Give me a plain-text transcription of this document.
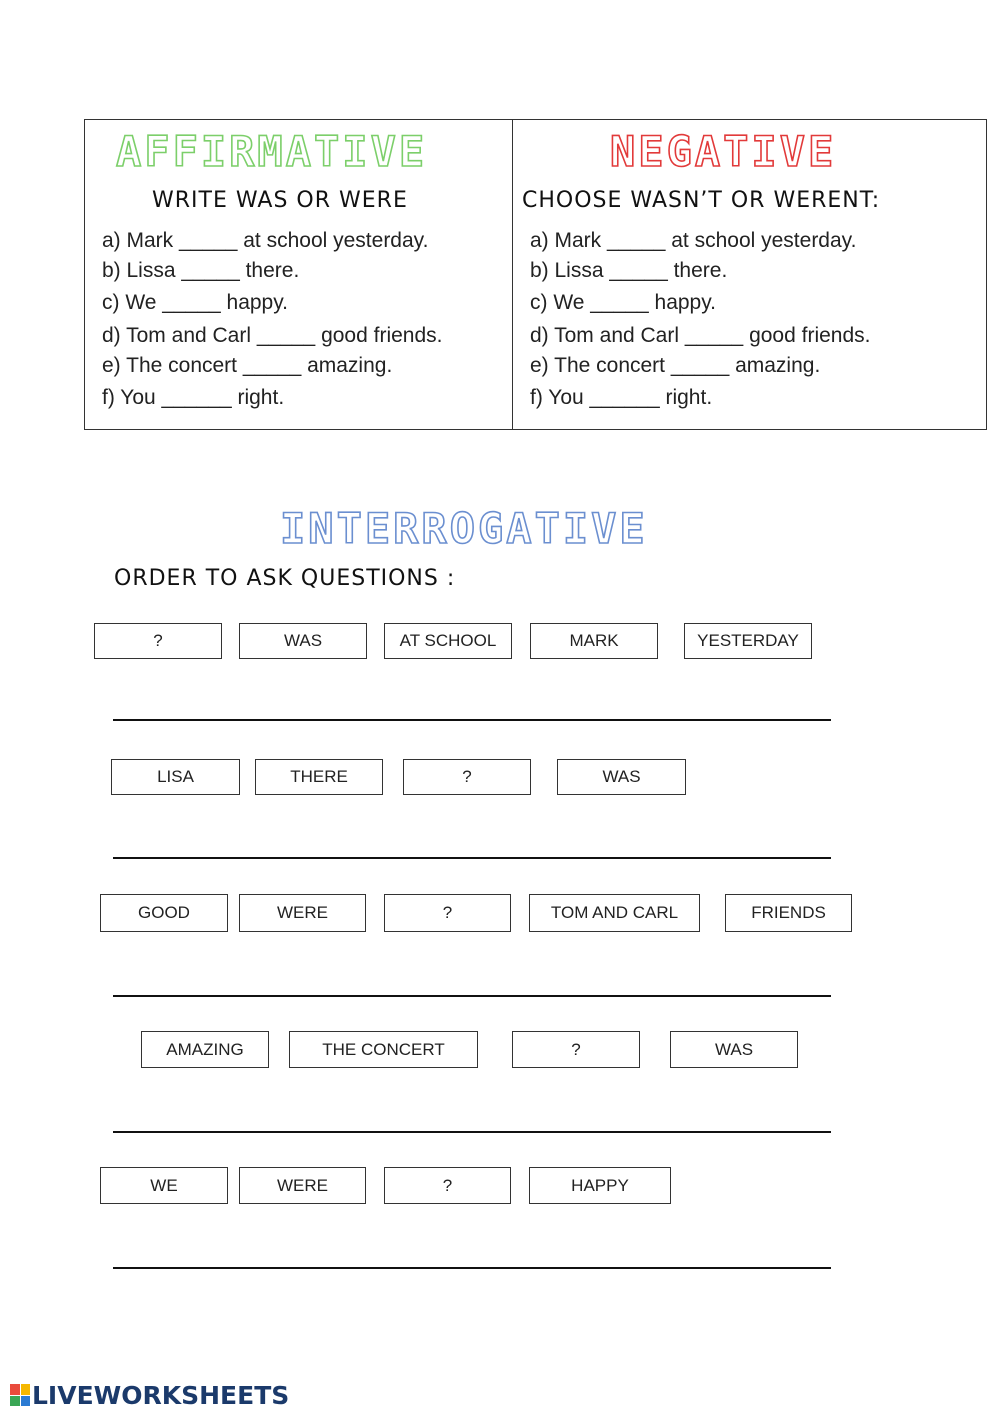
AFFIRMATIVE
WRITE WAS OR WERE
a) Mark _____ at school yesterday.
b) Lissa _____ there.
c) We _____ happy.
d) Tom and Carl _____ good friends.
e) The concert _____ amazing.
f) You ______ right.
NEGATIVE
CHOOSE WASN’T OR WERENT:
a) Mark _____ at school yesterday.
b) Lissa _____ there.
c) We _____ happy.
d) Tom and Carl _____ good friends.
e) The concert _____ amazing.
f) You ______ right.
INTERROGATIVE
ORDER TO ASK QUESTIONS :
?	WAS	AT SCHOOL	MARK	YESTERDAY
LISA	THERE	?	WAS
GOOD	WERE	?	TOM AND CARL	FRIENDS
AMAZING	THE CONCERT	?	WAS
WE	WERE	?	HAPPY
LIVEWORKSHEETS
